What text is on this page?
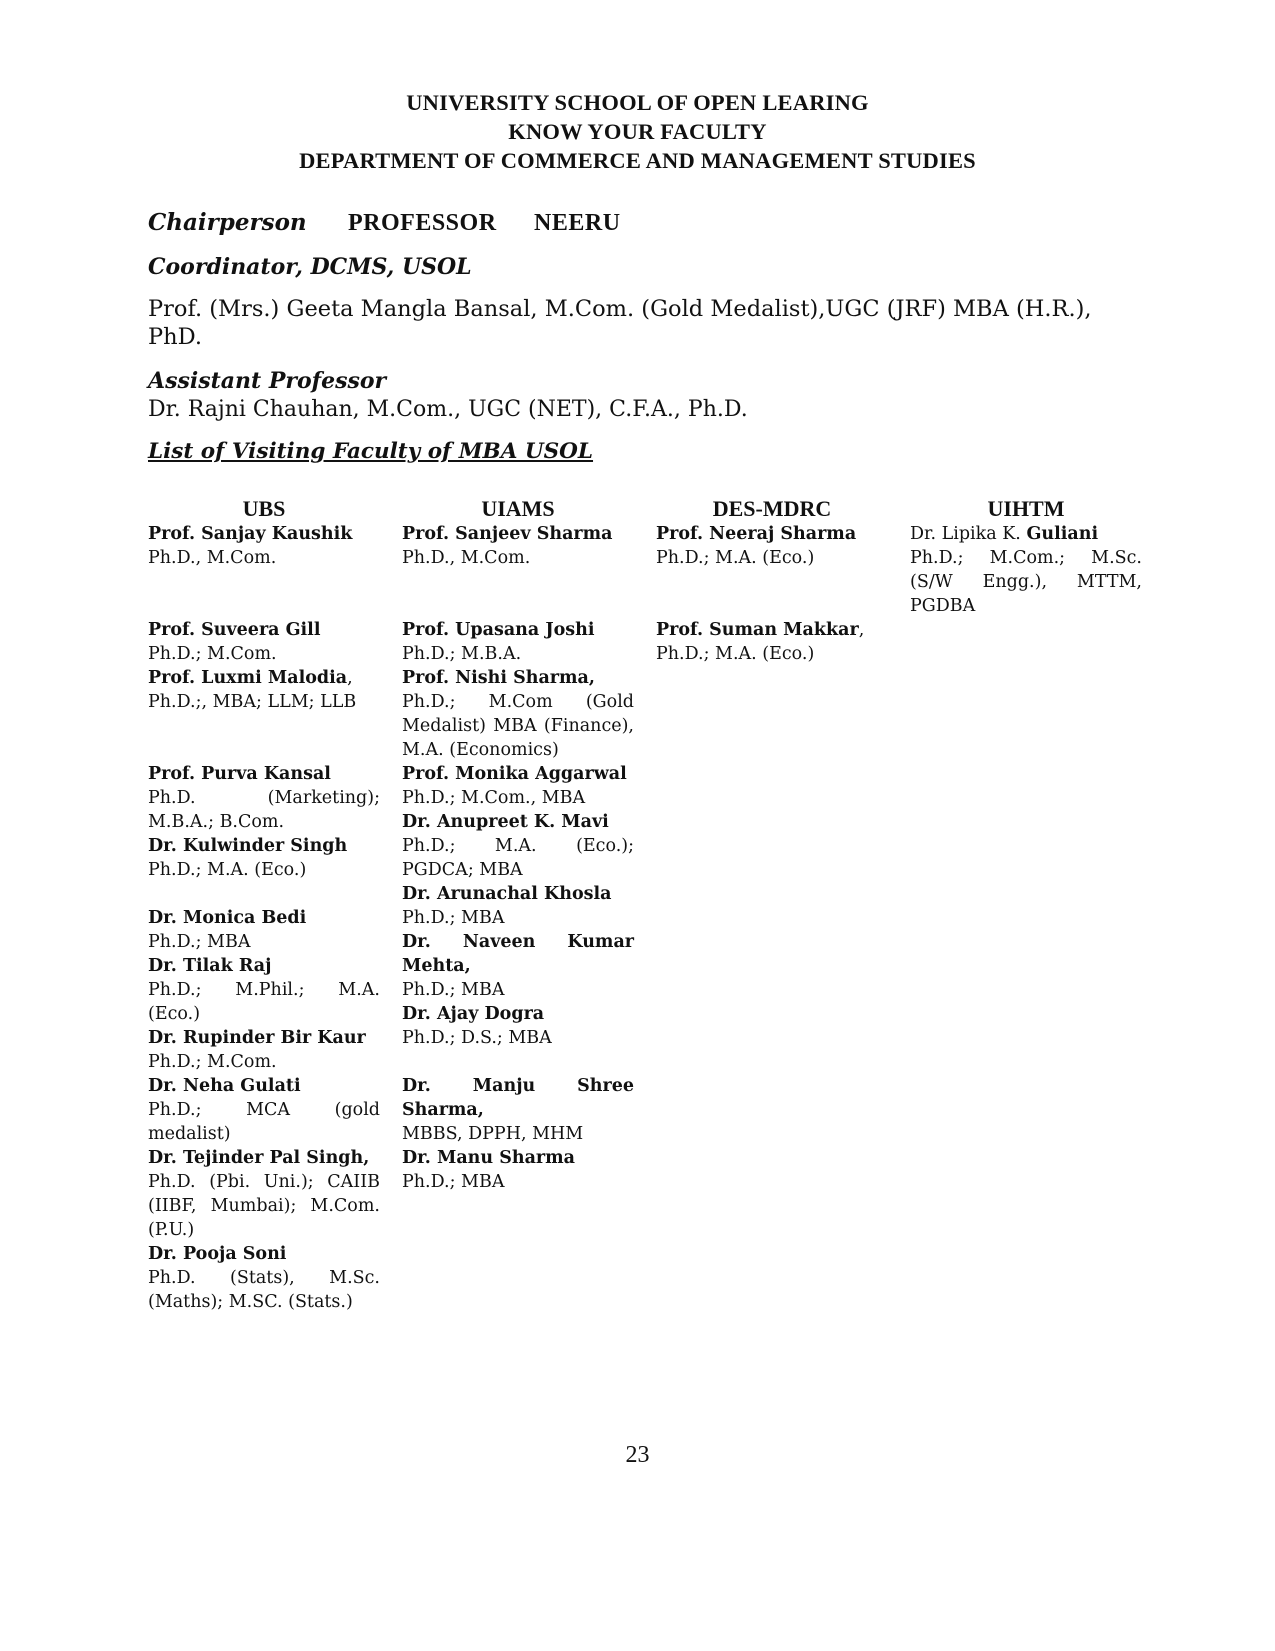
UNIVERSITY SCHOOL OF OPEN LEARING
KNOW YOUR FACULTY
DEPARTMENT OF COMMERCE AND MANAGEMENT STUDIES
Chairperson PROFESSOR   NEERU
Coordinator, DCMS, USOL
Prof. (Mrs.) Geeta Mangla Bansal, M.Com. (Gold Medalist),UGC (JRF) MBA (H.R.), PhD.
Assistant Professor
Dr. Rajni Chauhan, M.Com., UGC (NET), C.F.A., Ph.D.
List of Visiting Faculty of MBA USOL
UBS
Prof. Sanjay Kaushik
Ph.D., M.Com.
Prof. Suveera Gill
Ph.D.; M.Com.
Prof. Luxmi Malodia,
Ph.D.;, MBA; LLM; LLB
Prof. Purva Kansal
Ph.D. (Marketing); M.B.A.; B.Com.
Dr. Kulwinder Singh
Ph.D.; M.A. (Eco.)
Dr. Monica Bedi
Ph.D.; MBA
Dr. Tilak Raj
Ph.D.; M.Phil.; M.A. (Eco.)
Dr. Rupinder Bir Kaur
Ph.D.; M.Com.
Dr. Neha Gulati
Ph.D.; MCA (gold medalist)
Dr. Tejinder Pal Singh,
Ph.D. (Pbi. Uni.); CAIIB (IIBF, Mumbai); M.Com. (P.U.)
Dr. Pooja Soni
Ph.D. (Stats), M.Sc. (Maths); M.SC. (Stats.)
UIAMS
Prof. Sanjeev Sharma
Ph.D., M.Com.
Prof. Upasana Joshi
Ph.D.; M.B.A.
Prof. Nishi Sharma,
Ph.D.; M.Com (Gold Medalist) MBA (Finance), M.A. (Economics)
Prof. Monika Aggarwal
Ph.D.; M.Com., MBA
Dr. Anupreet K. Mavi
Ph.D.; M.A. (Eco.); PGDCA; MBA
Dr. Arunachal Khosla
Ph.D.; MBA
Dr. Naveen Kumar Mehta,
Ph.D.; MBA
Dr. Ajay Dogra
Ph.D.; D.S.; MBA
Dr. Manju Shree Sharma,
MBBS, DPPH, MHM
Dr. Manu Sharma
Ph.D.; MBA
DES-MDRC
Prof. Neeraj Sharma
Ph.D.; M.A. (Eco.)
Prof. Suman Makkar,
Ph.D.; M.A. (Eco.)
UIHTM
Dr. Lipika K. Guliani
Ph.D.; M.Com.; M.Sc. (S/W Engg.), MTTM, PGDBA
23
